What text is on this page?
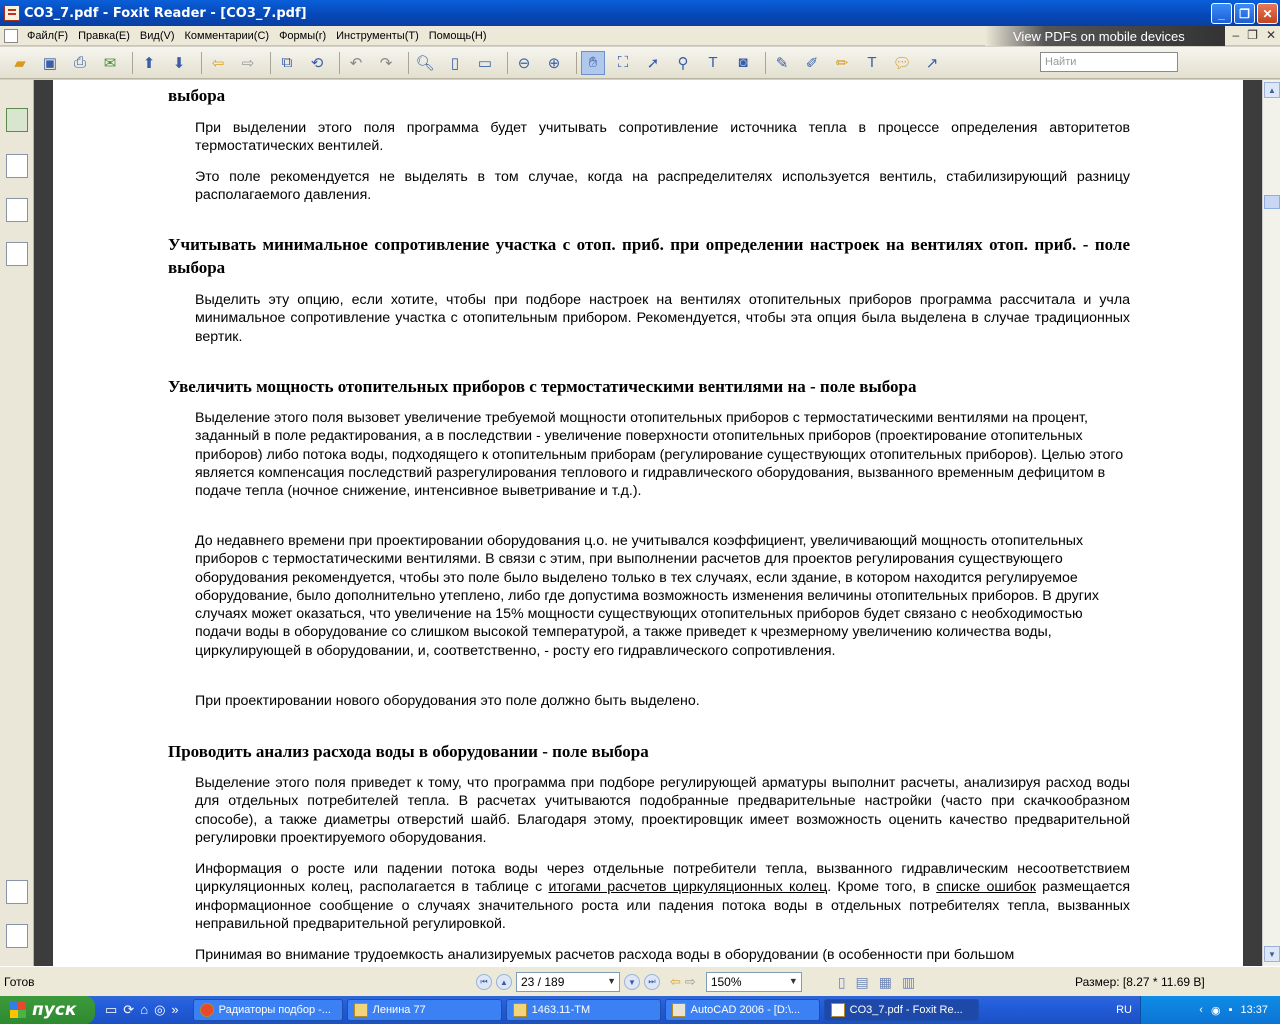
CO3_7.pdf - Foxit Reader - [CO3_7.pdf]	_	❐	✕
Файл(F) Правка(E) Вид(V) Комментарии(C) Формы(r) Инструменты(T) Помощь(H)	View PDFs on mobile devices	– ❐ ✕
▰	▣	⎙	✉	⬆	⬇	⇦	⇨	⧉	⟲	↶	↷	🔍︎	▯	▭	⊖	⊕	✋︎	⛶	➚	⚲	T	◙	✎	✐	✏	T	💬︎ ↗	Найти
выбора

При выделении этого поля программа будет учитывать сопротивление источника тепла в процессе определения авторитетов термостатических вентилей.

Это поле рекомендуется не выделять в том случае, когда на распределителях используется вентиль, стабилизирующий разницу располагаемого давления.

Учитывать минимальное сопротивление участка с отоп. приб. при определении настроек на вентилях отоп. приб. - поле выбора

Выделить эту опцию, если хотите, чтобы при подборе настроек на вентилях отопительных приборов программа рассчитала и учла минимальное сопротивление участка с отопительным прибором. Рекомендуется, чтобы эта опция была выделена в случае традиционных вертик.

Увеличить мощность отопительных приборов с термостатическими вентилями на - поле выбора

Выделение этого поля вызовет увеличение требуемой мощности отопительных приборов с термостатическими вентилями на процент, заданный в поле редактирования, а в последствии - увеличение поверхности отопительных приборов (проектирование отопительных приборов) либо потока воды, подходящего к отопительным приборам (регулирование существующих отопительных приборов). Целью этого является компенсация последствий разрегулирования теплового и гидравлического оборудования, вызванного временным дефицитом в подаче тепла (ночное снижение, интенсивное выветривание и т.д.).

До недавнего времени при проектировании оборудования ц.о. не учитывался коэффициент, увеличивающий мощность отопительных приборов с термостатическими вентилями. В связи с этим, при выполнении расчетов для проектов регулирования существующего оборудования рекомендуется, чтобы это поле было выделено только в тех случаях, если здание, в котором находится регулируемое оборудование, было дополнительно утеплено, либо где допустима возможность изменения величины отопительных приборов. В других случаях может оказаться, что увеличение на 15% мощности существующих отопительных приборов будет связано с необходимостью подачи воды в оборудование со слишком высокой температурой, а также приведет к чрезмерному увеличению количества воды, циркулирующей в оборудовании, и, соответственно, - росту его гидравлического сопротивления.

При проектировании нового оборудования это поле должно быть выделено.

Проводить анализ расхода воды в оборудовании - поле выбора

Выделение этого поля приведет к тому, что программа при подборе регулирующей арматуры выполнит расчеты, анализируя расход воды для отдельных потребителей тепла. В расчетах учитываются подобранные предварительные настройки (часто при скачкообразном способе), а также диаметры отверстий шайб. Благодаря этому, проектировщик имеет возможность оценить качество предварительной регулировки проектируемого оборудования.

Информация о росте или падении потока воды через отдельные потребители тепла, вызванного гидравлическим несоответствием циркуляционных колец, располагается в таблице с итогами расчетов циркуляционных колец. Кроме того, в списке ошибок размещается информационное сообщение о случаях значительного роста или падения потока воды в отдельных потребителях тепла, вызванных неправильной предварительной регулировкой.

Принимая во внимание трудоемкость анализируемых расчетов расхода воды в оборудовании (в особенности при большом

▲
▼
Готов	⏮	▲	23 / 189 ▼	▼	⏭	⇦ ⇨	150% ▼	▯ ▤ ▦ ▥	Размер: [8.27 * 11.69 B]
пуск ▭ ⟳ ⌂ ◎ »	Радиаторы подбор -...	Ленина 77	1463.11-ТМ	AutoCAD 2006 - [D:\...	CO3_7.pdf - Foxit Re...	RU	‹ ◉ ▪ 13:37
